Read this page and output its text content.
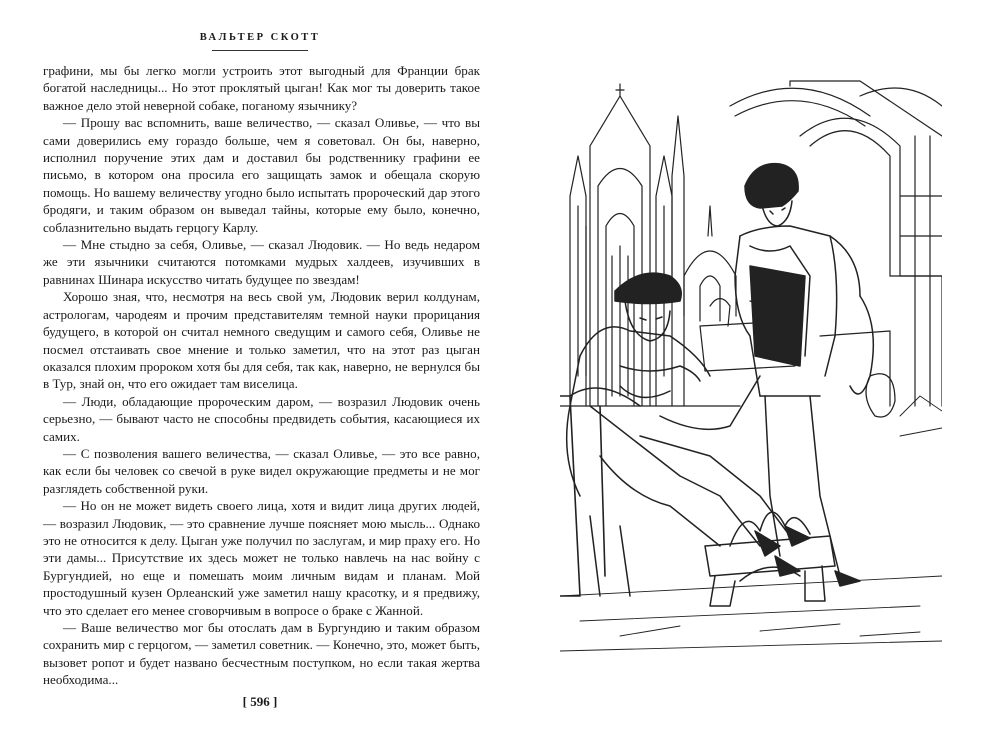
ВАЛЬТЕР СКОТТ

графини, мы бы легко могли устроить этот выгодный для Франции брак богатой наследницы... Но этот проклятый цыган! Как мог ты доверить такое важное дело этой неверной собаке, поганому язычнику?

— Прошу вас вспомнить, ваше величество, — сказал Оливье, — что вы сами доверились ему гораздо больше, чем я советовал. Он бы, наверно, исполнил поручение этих дам и доставил бы родственнику графини ее письмо, в котором она просила его защищать замок и обещала скорую помощь. Но вашему величеству угодно было испытать пророческий дар этого бродяги, и таким образом он выведал тайны, которые ему было, конечно, соблазнительно выдать герцогу Карлу.

— Мне стыдно за себя, Оливье, — сказал Людовик. — Но ведь недаром же эти язычники считаются потомками мудрых халдеев, изучивших в равнинах Шинара искусство читать будущее по звездам!

Хорошо зная, что, несмотря на весь свой ум, Людовик верил колдунам, астрологам, чародеям и прочим представителям темной науки прорицания будущего, в которой он считал немного сведущим и самого себя, Оливье не посмел отстаивать свое мнение и только заметил, что на этот раз цыган оказался плохим пророком хотя бы для себя, так как, наверно, не вернулся бы в Тур, знай он, что его ожидает там виселица.

— Люди, обладающие пророческим даром, — возразил Людовик очень серьезно, — бывают часто не способны предвидеть события, касающиеся их самих.

— С позволения вашего величества, — сказал Оливье, — это все равно, как если бы человек со свечой в руке видел окружающие предметы и не мог разглядеть собственной руки.

— Но он не может видеть своего лица, хотя и видит лица других людей, — возразил Людовик, — это сравнение лучше поясняет мою мысль... Однако это не относится к делу. Цыган уже получил по заслугам, и мир праху его. Но эти дамы... Присутствие их здесь может не только навлечь на нас войну с Бургундией, но еще и помешать моим личным видам и планам. Мой простодушный кузен Орлеанский уже заметил нашу красотку, и я предвижу, что это сделает его менее сговорчивым в вопросе о браке с Жанной.

— Ваше величество мог бы отослать дам в Бургундию и таким образом сохранить мир с герцогом, — заметил советник. — Конечно, это, может быть, вызовет ропот и будет названо бесчестным поступком, но если такая жертва необходима...

[ 596 ]
